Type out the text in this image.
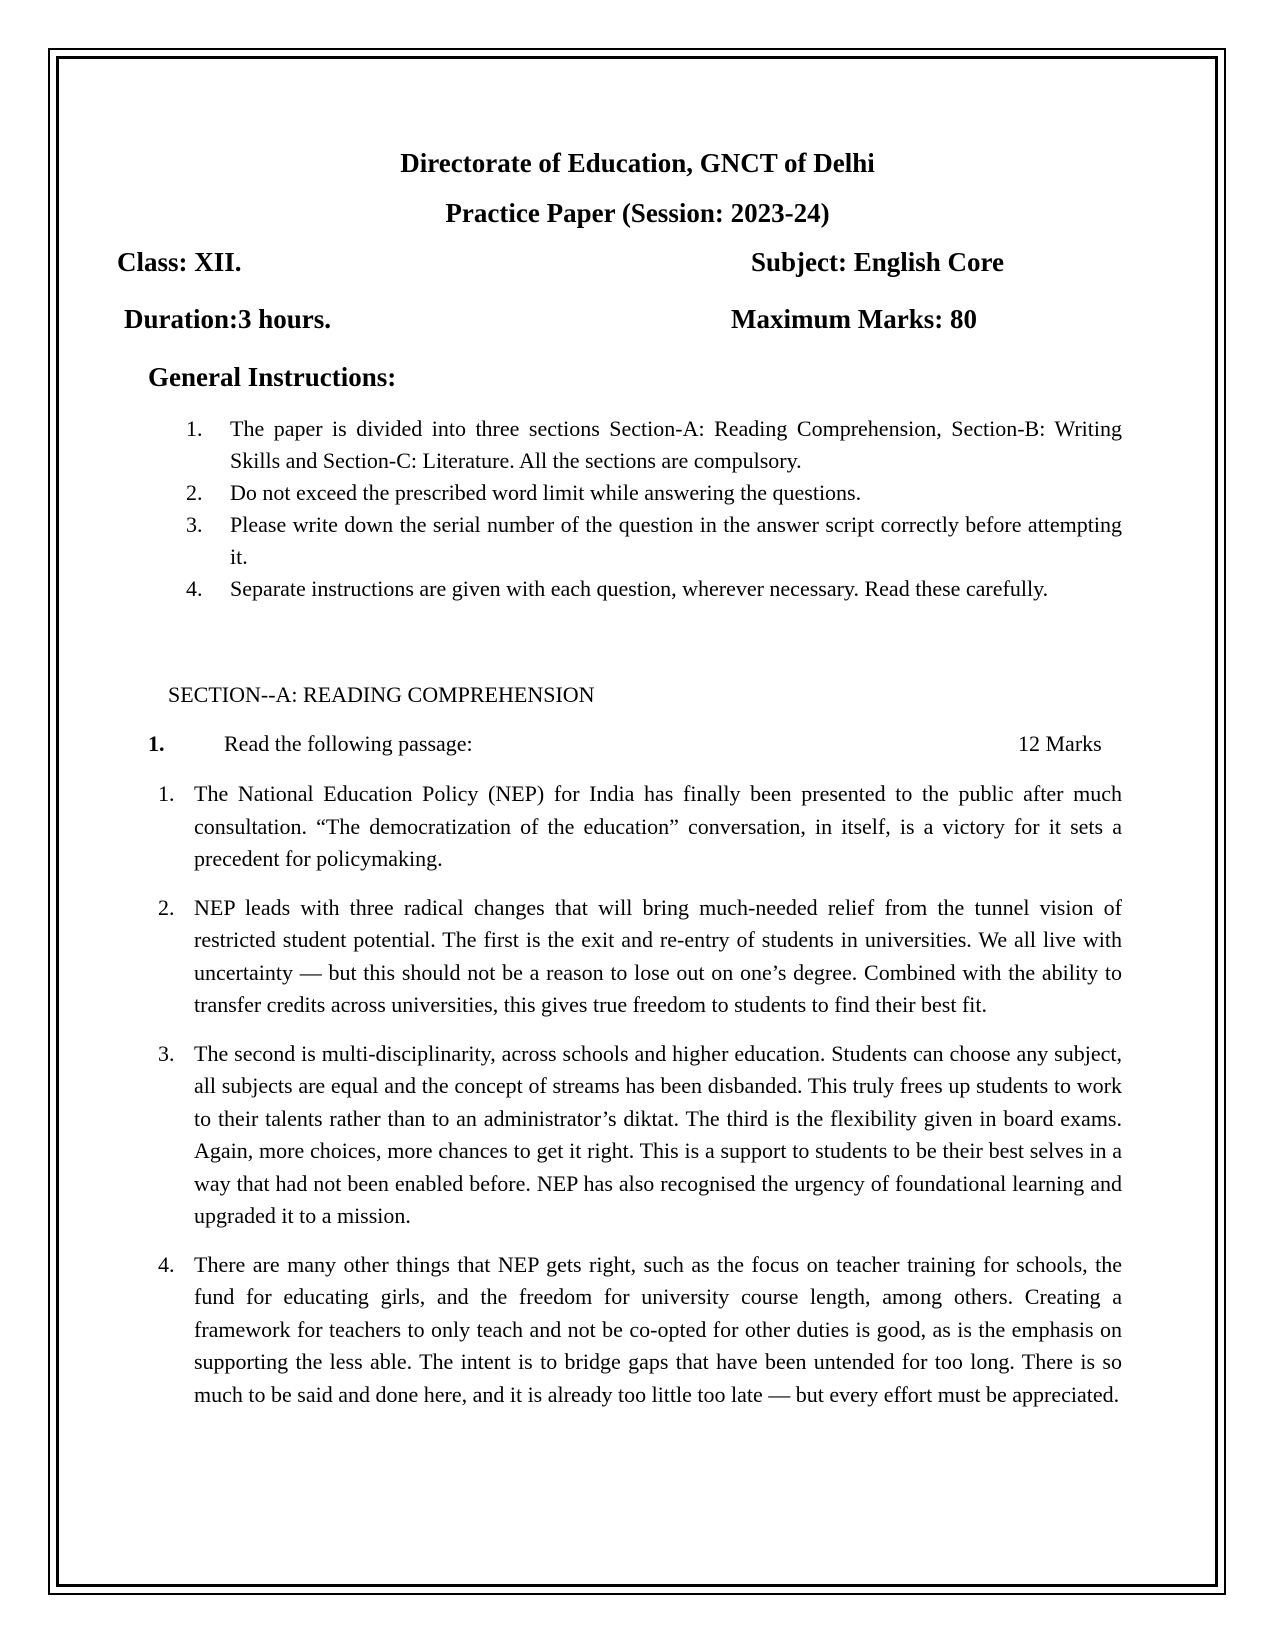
Directorate of Education, GNCT of Delhi
Practice Paper (Session: 2023-24)
Class: XII.	Subject: English Core
Duration:3 hours.	Maximum Marks: 80
General Instructions:

1. The paper is divided into three sections Section-A: Reading Comprehension, Section-B: Writing Skills and Section-C: Literature. All the sections are compulsory.

2. Do not exceed the prescribed word limit while answering the questions.

3. Please write down the serial number of the question in the answer script correctly before attempting it.

4. Separate instructions are given with each question, wherever necessary. Read these carefully.

SECTION--A: READING COMPREHENSION
1.	Read the following passage:	12 Marks

1. The National Education Policy (NEP) for India has finally been presented to the public after much consultation. “The democratization of the education” conversation, in itself, is a victory for it sets a precedent for policymaking.

2. NEP leads with three radical changes that will bring much-needed relief from the tunnel vision of restricted student potential. The first is the exit and re-entry of students in universities. We all live with uncertainty — but this should not be a reason to lose out on one’s degree. Combined with the ability to transfer credits across universities, this gives true freedom to students to find their best fit.

3. The second is multi-disciplinarity, across schools and higher education. Students can choose any subject, all subjects are equal and the concept of streams has been disbanded. This truly frees up students to work to their talents rather than to an administrator’s diktat. The third is the flexibility given in board exams. Again, more choices, more chances to get it right. This is a support to students to be their best selves in a way that had not been enabled before. NEP has also recognised the urgency of foundational learning and upgraded it to a mission.

4. There are many other things that NEP gets right, such as the focus on teacher training for schools, the fund for educating girls, and the freedom for university course length, among others. Creating a framework for teachers to only teach and not be co-opted for other duties is good, as is the emphasis on supporting the less able. The intent is to bridge gaps that have been untended for too long. There is so much to be said and done here, and it is already too little too late — but every effort must be appreciated.
